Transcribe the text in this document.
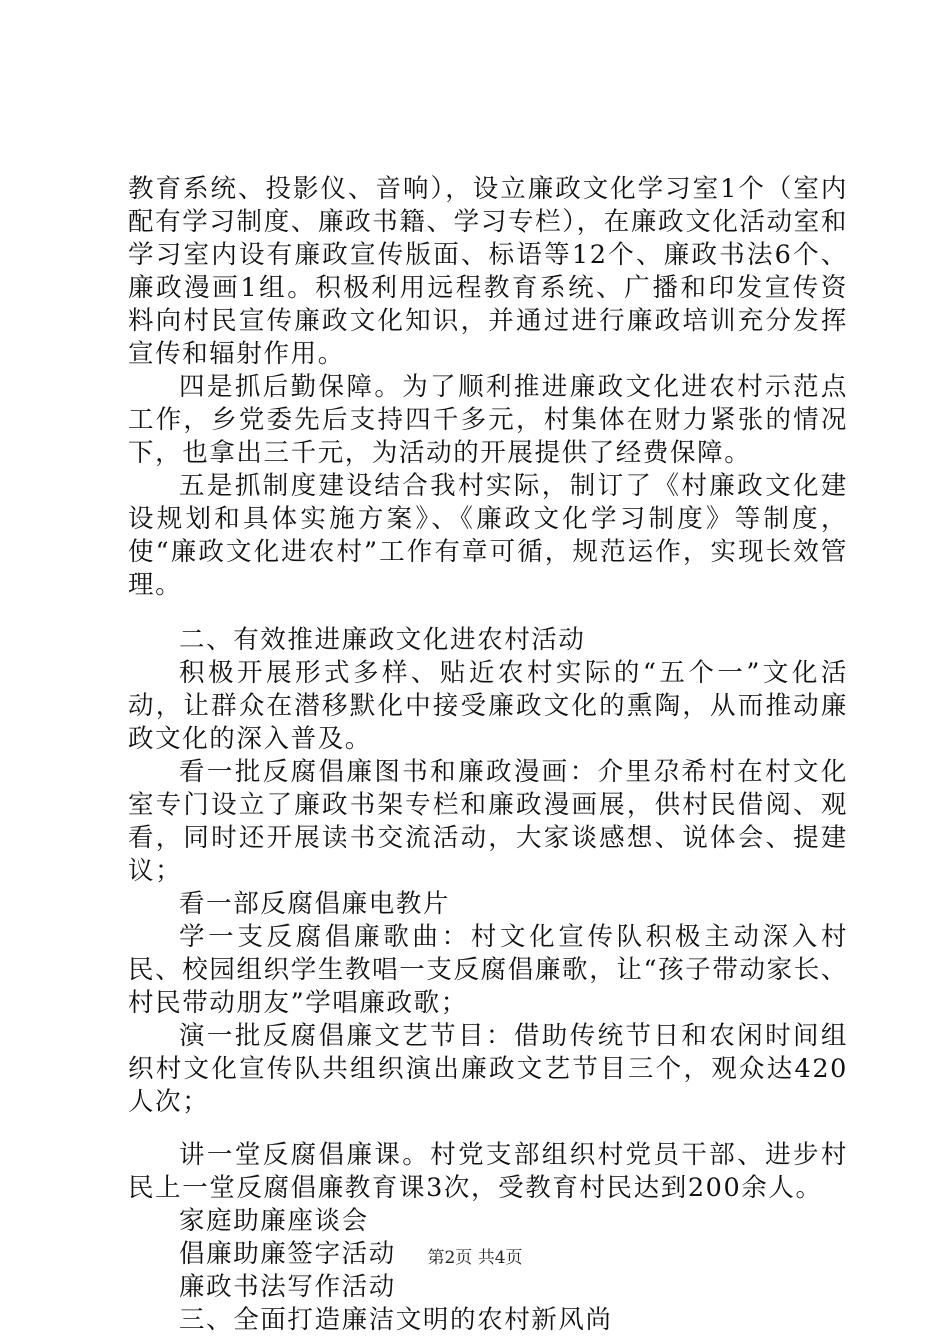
教育系统、投影仪、音响），设立廉政文化学习室1个（室内配有学习制度、廉政书籍、学习专栏），在廉政文化活动室和学习室内设有廉政宣传版面、标语等12个、廉政书法6个、廉政漫画1组。积极利用远程教育系统、广播和印发宣传资料向村民宣传廉政文化知识，并通过进行廉政培训充分发挥宣传和辐射作用。

四是抓后勤保障。为了顺利推进廉政文化进农村示范点工作，乡党委先后支持四千多元，村集体在财力紧张的情况下，也拿出三千元，为活动的开展提供了经费保障。

五是抓制度建设结合我村实际，制订了《村廉政文化建设规划和具体实施方案》、《廉政文化学习制度》等制度，使“廉政文化进农村”工作有章可循，规范运作，实现长效管理。

二、有效推进廉政文化进农村活动

积极开展形式多样、贴近农村实际的“五个一”文化活动，让群众在潜移默化中接受廉政文化的熏陶，从而推动廉政文化的深入普及。

看一批反腐倡廉图书和廉政漫画：介里尕希村在村文化室专门设立了廉政书架专栏和廉政漫画展，供村民借阅、观看，同时还开展读书交流活动，大家谈感想、说体会、提建议；

看一部反腐倡廉电教片

学一支反腐倡廉歌曲：村文化宣传队积极主动深入村民、校园组织学生教唱一支反腐倡廉歌，让“孩子带动家长、村民带动朋友”学唱廉政歌；

演一批反腐倡廉文艺节目：借助传统节日和农闲时间组织村文化宣传队共组织演出廉政文艺节目三个，观众达420人次；

讲一堂反腐倡廉课。村党支部组织村党员干部、进步村民上一堂反腐倡廉教育课3次，受教育村民达到200余人。

家庭助廉座谈会

倡廉助廉签字活动

廉政书法写作活动

三、全面打造廉洁文明的农村新风尚

第2页 共4页
